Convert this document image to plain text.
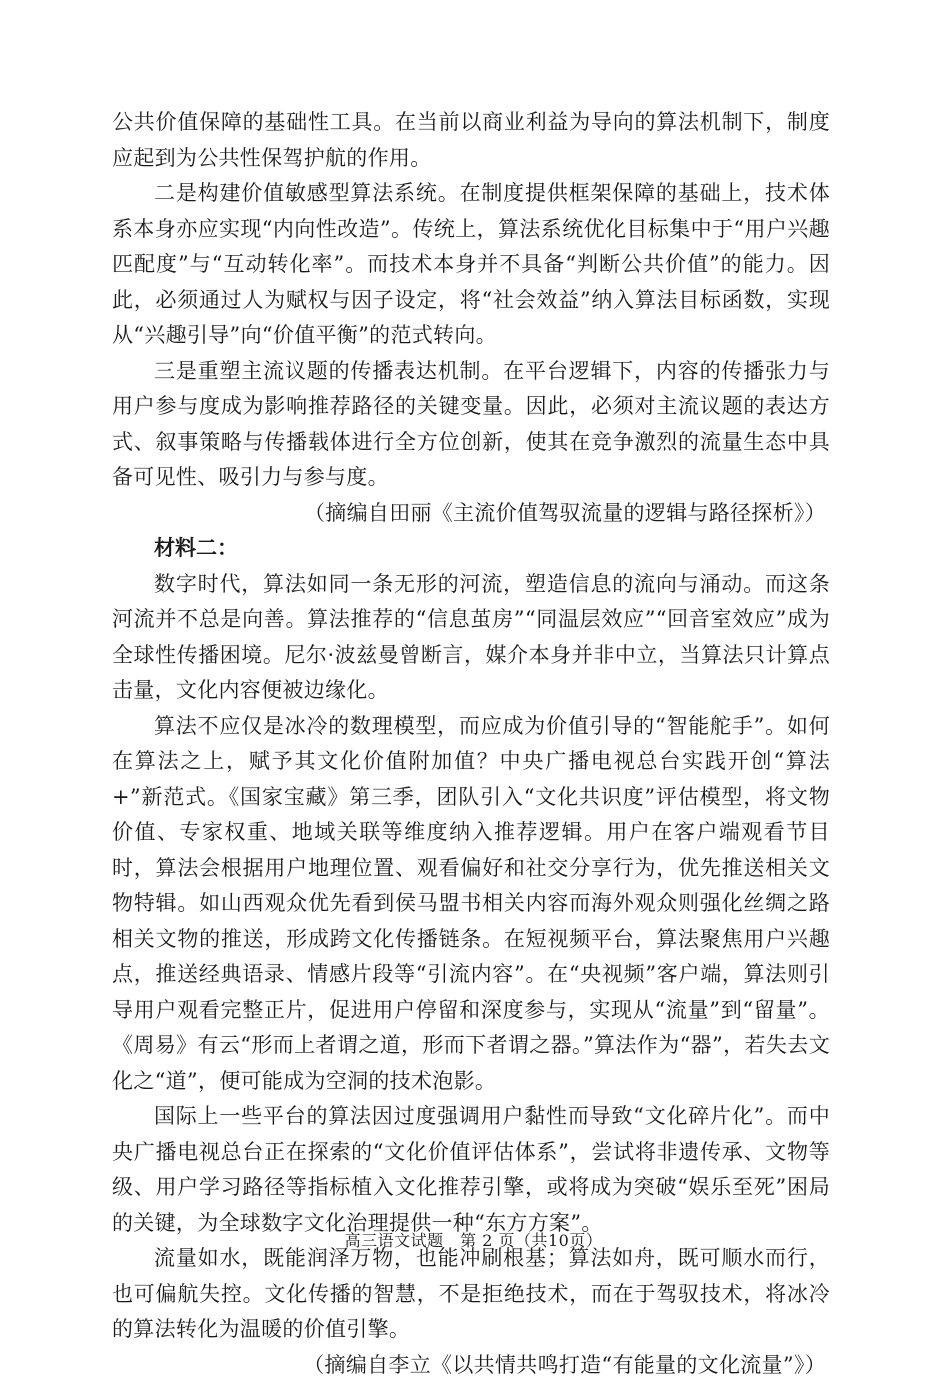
公共价值保障的基础性工具。在当前以商业利益为导向的算法机制下，制度应起到为公共性保驾护航的作用。

二是构建价值敏感型算法系统。在制度提供框架保障的基础上，技术体系本身亦应实现“内向性改造”。传统上，算法系统优化目标集中于“用户兴趣匹配度”与“互动转化率”。而技术本身并不具备“判断公共价值”的能力。因此，必须通过人为赋权与因子设定，将“社会效益”纳入算法目标函数，实现从“兴趣引导”向“价值平衡”的范式转向。

三是重塑主流议题的传播表达机制。在平台逻辑下，内容的传播张力与用户参与度成为影响推荐路径的关键变量。因此，必须对主流议题的表达方式、叙事策略与传播载体进行全方位创新，使其在竞争激烈的流量生态中具备可见性、吸引力与参与度。

（摘编自田丽《主流价值驾驭流量的逻辑与路径探析》）

材料二：

数字时代，算法如同一条无形的河流，塑造信息的流向与涌动。而这条河流并不总是向善。算法推荐的“信息茧房”“同温层效应”“回音室效应”成为全球性传播困境。尼尔·波兹曼曾断言，媒介本身并非中立，当算法只计算点击量，文化内容便被边缘化。

算法不应仅是冰冷的数理模型，而应成为价值引导的“智能舵手”。如何在算法之上，赋予其文化价值附加值？中央广播电视总台实践开创“算法+”新范式。《国家宝藏》第三季，团队引入“文化共识度”评估模型，将文物价值、专家权重、地域关联等维度纳入推荐逻辑。用户在客户端观看节目时，算法会根据用户地理位置、观看偏好和社交分享行为，优先推送相关文物特辑。如山西观众优先看到侯马盟书相关内容而海外观众则强化丝绸之路相关文物的推送，形成跨文化传播链条。在短视频平台，算法聚焦用户兴趣点，推送经典语录、情感片段等“引流内容”。在“央视频”客户端，算法则引导用户观看完整正片，促进用户停留和深度参与，实现从“流量”到“留量”。《周易》有云“形而上者谓之道，形而下者谓之器。”算法作为“器”，若失去文化之“道”，便可能成为空洞的技术泡影。

国际上一些平台的算法因过度强调用户黏性而导致“文化碎片化”。而中央广播电视总台正在探索的“文化价值评估体系”，尝试将非遗传承、文物等级、用户学习路径等指标植入文化推荐引擎，或将成为突破“娱乐至死”困局的关键，为全球数字文化治理提供一种“东方方案”。

流量如水，既能润泽万物，也能冲刷根基；算法如舟，既可顺水而行，也可偏航失控。文化传播的智慧，不是拒绝技术，而在于驾驭技术，将冰冷的算法转化为温暖的价值引擎。

（摘编自李立《以共情共鸣打造“有能量的文化流量”》）

高三语文试题　第 2 页（共10页）
